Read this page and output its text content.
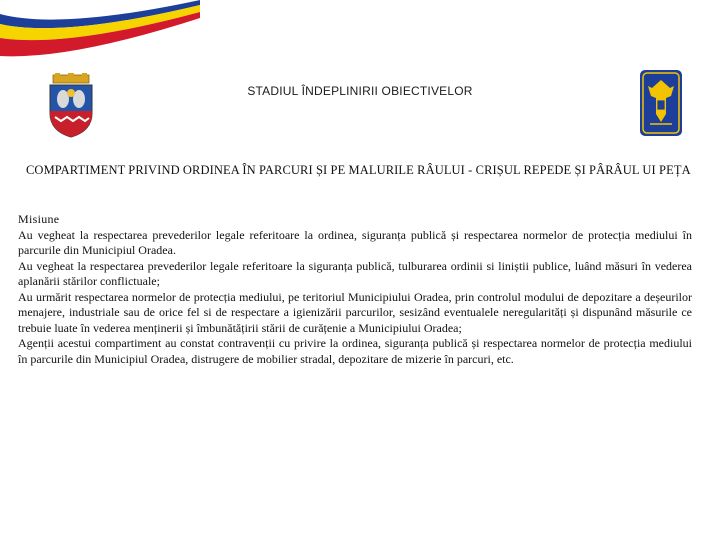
STADIUL ÎNDEPLINIRII OBIECTIVELOR
COMPARTIMENT PRIVIND ORDINEA ÎN PARCURI ȘI PE MALURILE RÂULUI - CRIȘUL REPEDE ȘI PÂRÂUL UI PEȚA

Misiune

Au vegheat la respectarea prevederilor legale referitoare la ordinea, siguranța publică și respectarea normelor de protecția mediului în parcurile din Municipiul Oradea.

Au vegheat la respectarea prevederilor legale referitoare la siguranța publică, tulburarea ordinii si liniștii publice, luând măsuri în vederea aplanării stărilor conflictuale;

Au urmărit respectarea normelor de protecția mediului, pe teritoriul Municipiului Oradea, prin controlul modului de depozitare a deșeurilor menajere, industriale sau de orice fel si de respectare a igienizării parcurilor, sesizând eventualele neregularități și dispunând măsurile ce trebuie luate în vederea menținerii și îmbunătățirii stării de curățenie a Municipiului Oradea;

Agenții acestui compartiment au constat contravenții cu privire la ordinea, siguranța publică și respectarea normelor de protecția mediului în parcurile din Municipiul Oradea, distrugere de mobilier stradal, depozitare de mizerie în parcuri, etc.
